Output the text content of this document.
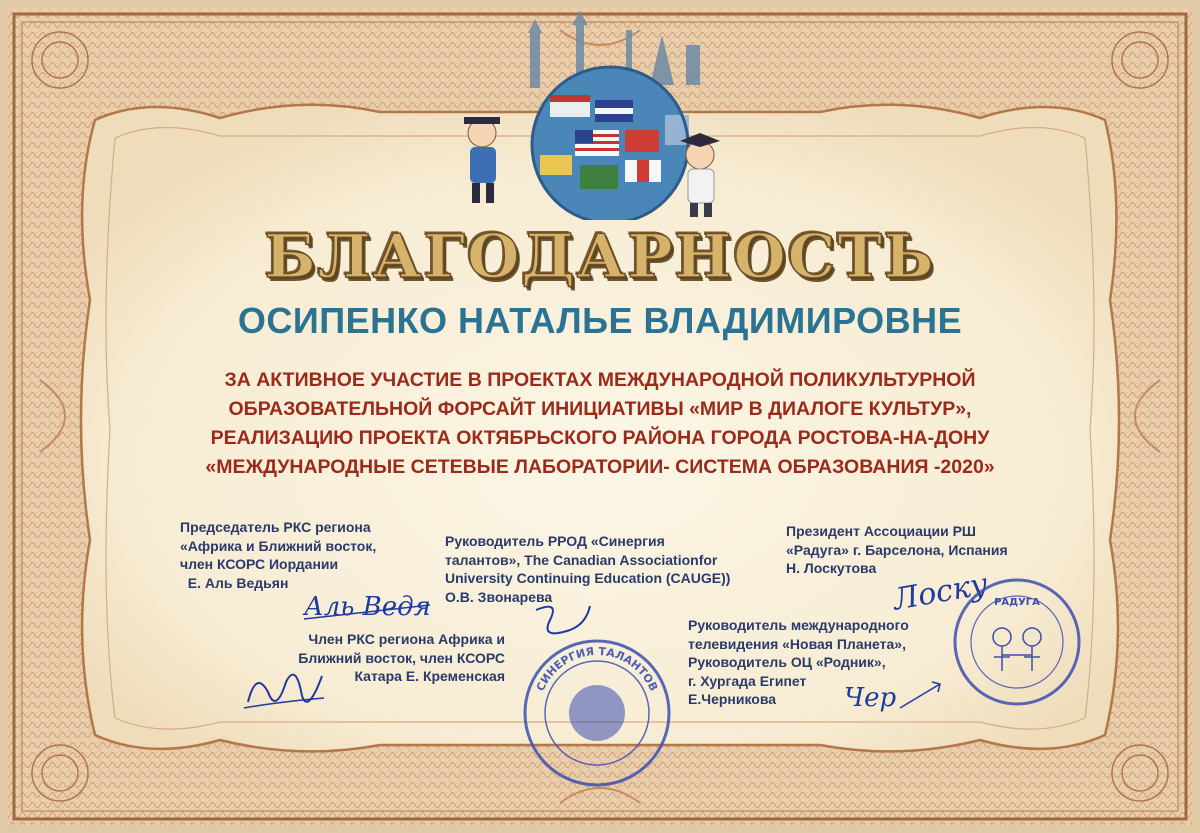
БЛАГОДАРНОСТЬ
ОСИПЕНКО НАТАЛЬЕ ВЛАДИМИРОВНЕ
ЗА АКТИВНОЕ УЧАСТИЕ В ПРОЕКТАХ МЕЖДУНАРОДНОЙ ПОЛИКУЛЬТУРНОЙ
ОБРАЗОВАТЕЛЬНОЙ ФОРСАЙТ ИНИЦИАТИВЫ «МИР В ДИАЛОГЕ КУЛЬТУР»,
РЕАЛИЗАЦИЮ ПРОЕКТА ОКТЯБРЬСКОГО РАЙОНА ГОРОДА РОСТОВА-НА-ДОНУ
«МЕЖДУНАРОДНЫЕ СЕТЕВЫЕ ЛАБОРАТОРИИ- СИСТЕМА ОБРАЗОВАНИЯ -2020»
Председатель РКС региона
«Африка и Ближний восток,
член КСОРС Иордании
Е. Аль Ведьян
Руководитель РРОД «Синергия
талантов», The Canadian Associationfor
University Continuing Education (CAUGE))
О.В. Звонарева
Президент Ассоциации РШ
«Радуга» г. Барселона, Испания
Н. Лоскутова
Член РКС региона Африка и
Ближний восток, член КСОРС
Катара Е. Кременская
Руководитель международного
телевидения «Новая Планета»,
Руководитель ОЦ «Родник»,
г. Хургада Египет
Е.Черникова
Аль Ведя	Лоску
Чер
СИНЕРГИЯ ТАЛАНТОВ
РАДУГА
